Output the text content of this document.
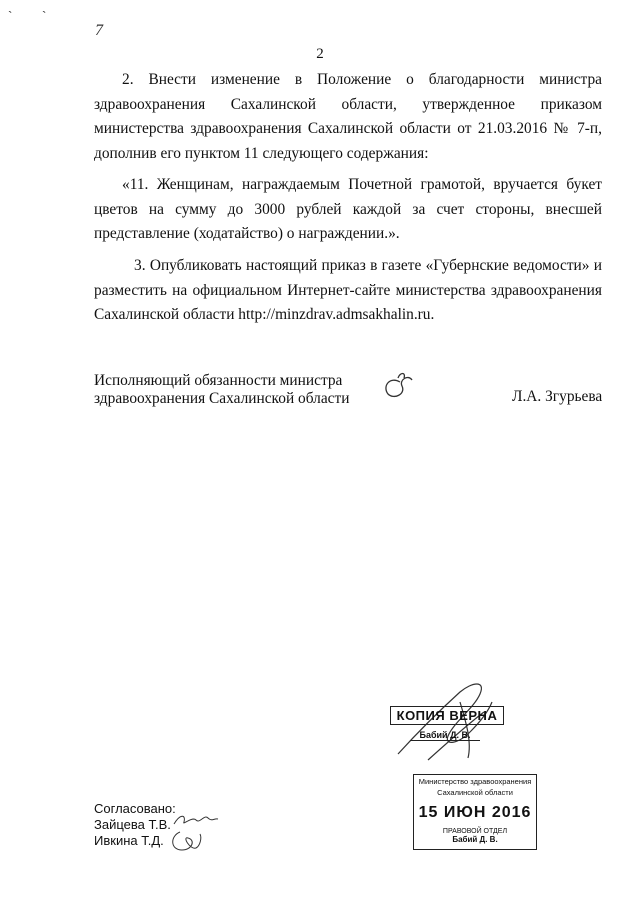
` `
7
2

2. Внести изменение в Положение о благодарности министра здравоохранения Сахалинской области, утвержденное приказом министерства здравоохранения Сахалинской области от 21.03.2016 № 7-п, дополнив его пунктом 11 следующего содержания:

«11. Женщинам, награждаемым Почетной грамотой, вручается букет цветов на сумму до 3000 рублей каждой за счет стороны, внесшей представление (ходатайство) о награждении.».

3. Опубликовать настоящий приказ в газете «Губернские ведомости» и разместить на официальном Интернет-сайте министерства здравоохранения Сахалинской области http://minzdrav.admsakhalin.ru.

Исполняющий обязанности министра
здравоохранения Сахалинской области	Л.А. Згурьева
КОПИЯ ВЕРНА
Бабий Д. В.
Министерство здравоохранения
Сахалинской области
15 ИЮН 2016
ПРАВОВОЙ ОТДЕЛ
Бабий Д. В.
Согласовано:
Зайцева Т.В.
Ивкина Т.Д.
